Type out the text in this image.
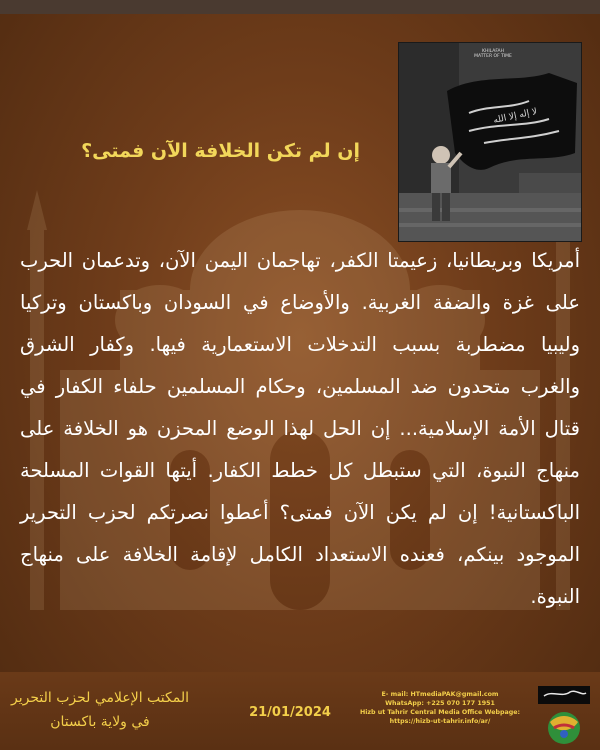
ﻻ ﺇﻟﻪ ﺇﻻ ﺍﻟﻠﻪ
KHILAFAH
MATTER OF TIME
إن لم تكن الخلافة الآن فمتى؟
أمريكا وبريطانيا، زعيمتا الكفر، تهاجمان اليمن الآن، وتدعمان الحرب على غزة والضفة الغربية. والأوضاع في السودان وباكستان وتركيا وليبيا مضطربة بسبب التدخلات الاستعمارية فيها. وكفار الشرق والغرب متحدون ضد المسلمين، وحكام المسلمين حلفاء الكفار في قتال الأمة الإسلامية... إن الحل لهذا الوضع المحزن هو الخلافة على منهاج النبوة، التي ستبطل كل خطط الكفار. أيتها القوات المسلحة الباكستانية! إن لم يكن الآن فمتى؟ أعطوا نصرتكم لحزب التحرير الموجود بينكم، فعنده الاستعداد الكامل لإقامة الخلافة على منهاج النبوة.
المكتب الإعلامي لحزب التحرير
في ولاية باكستان
21/01/2024
E- mail: HTmediaPAK@gmail.com
WhatsApp: +225 070 177 1951
Hizb ut Tahrir Central Media Office Webpage:
https://hizb-ut-tahrir.info/ar/
